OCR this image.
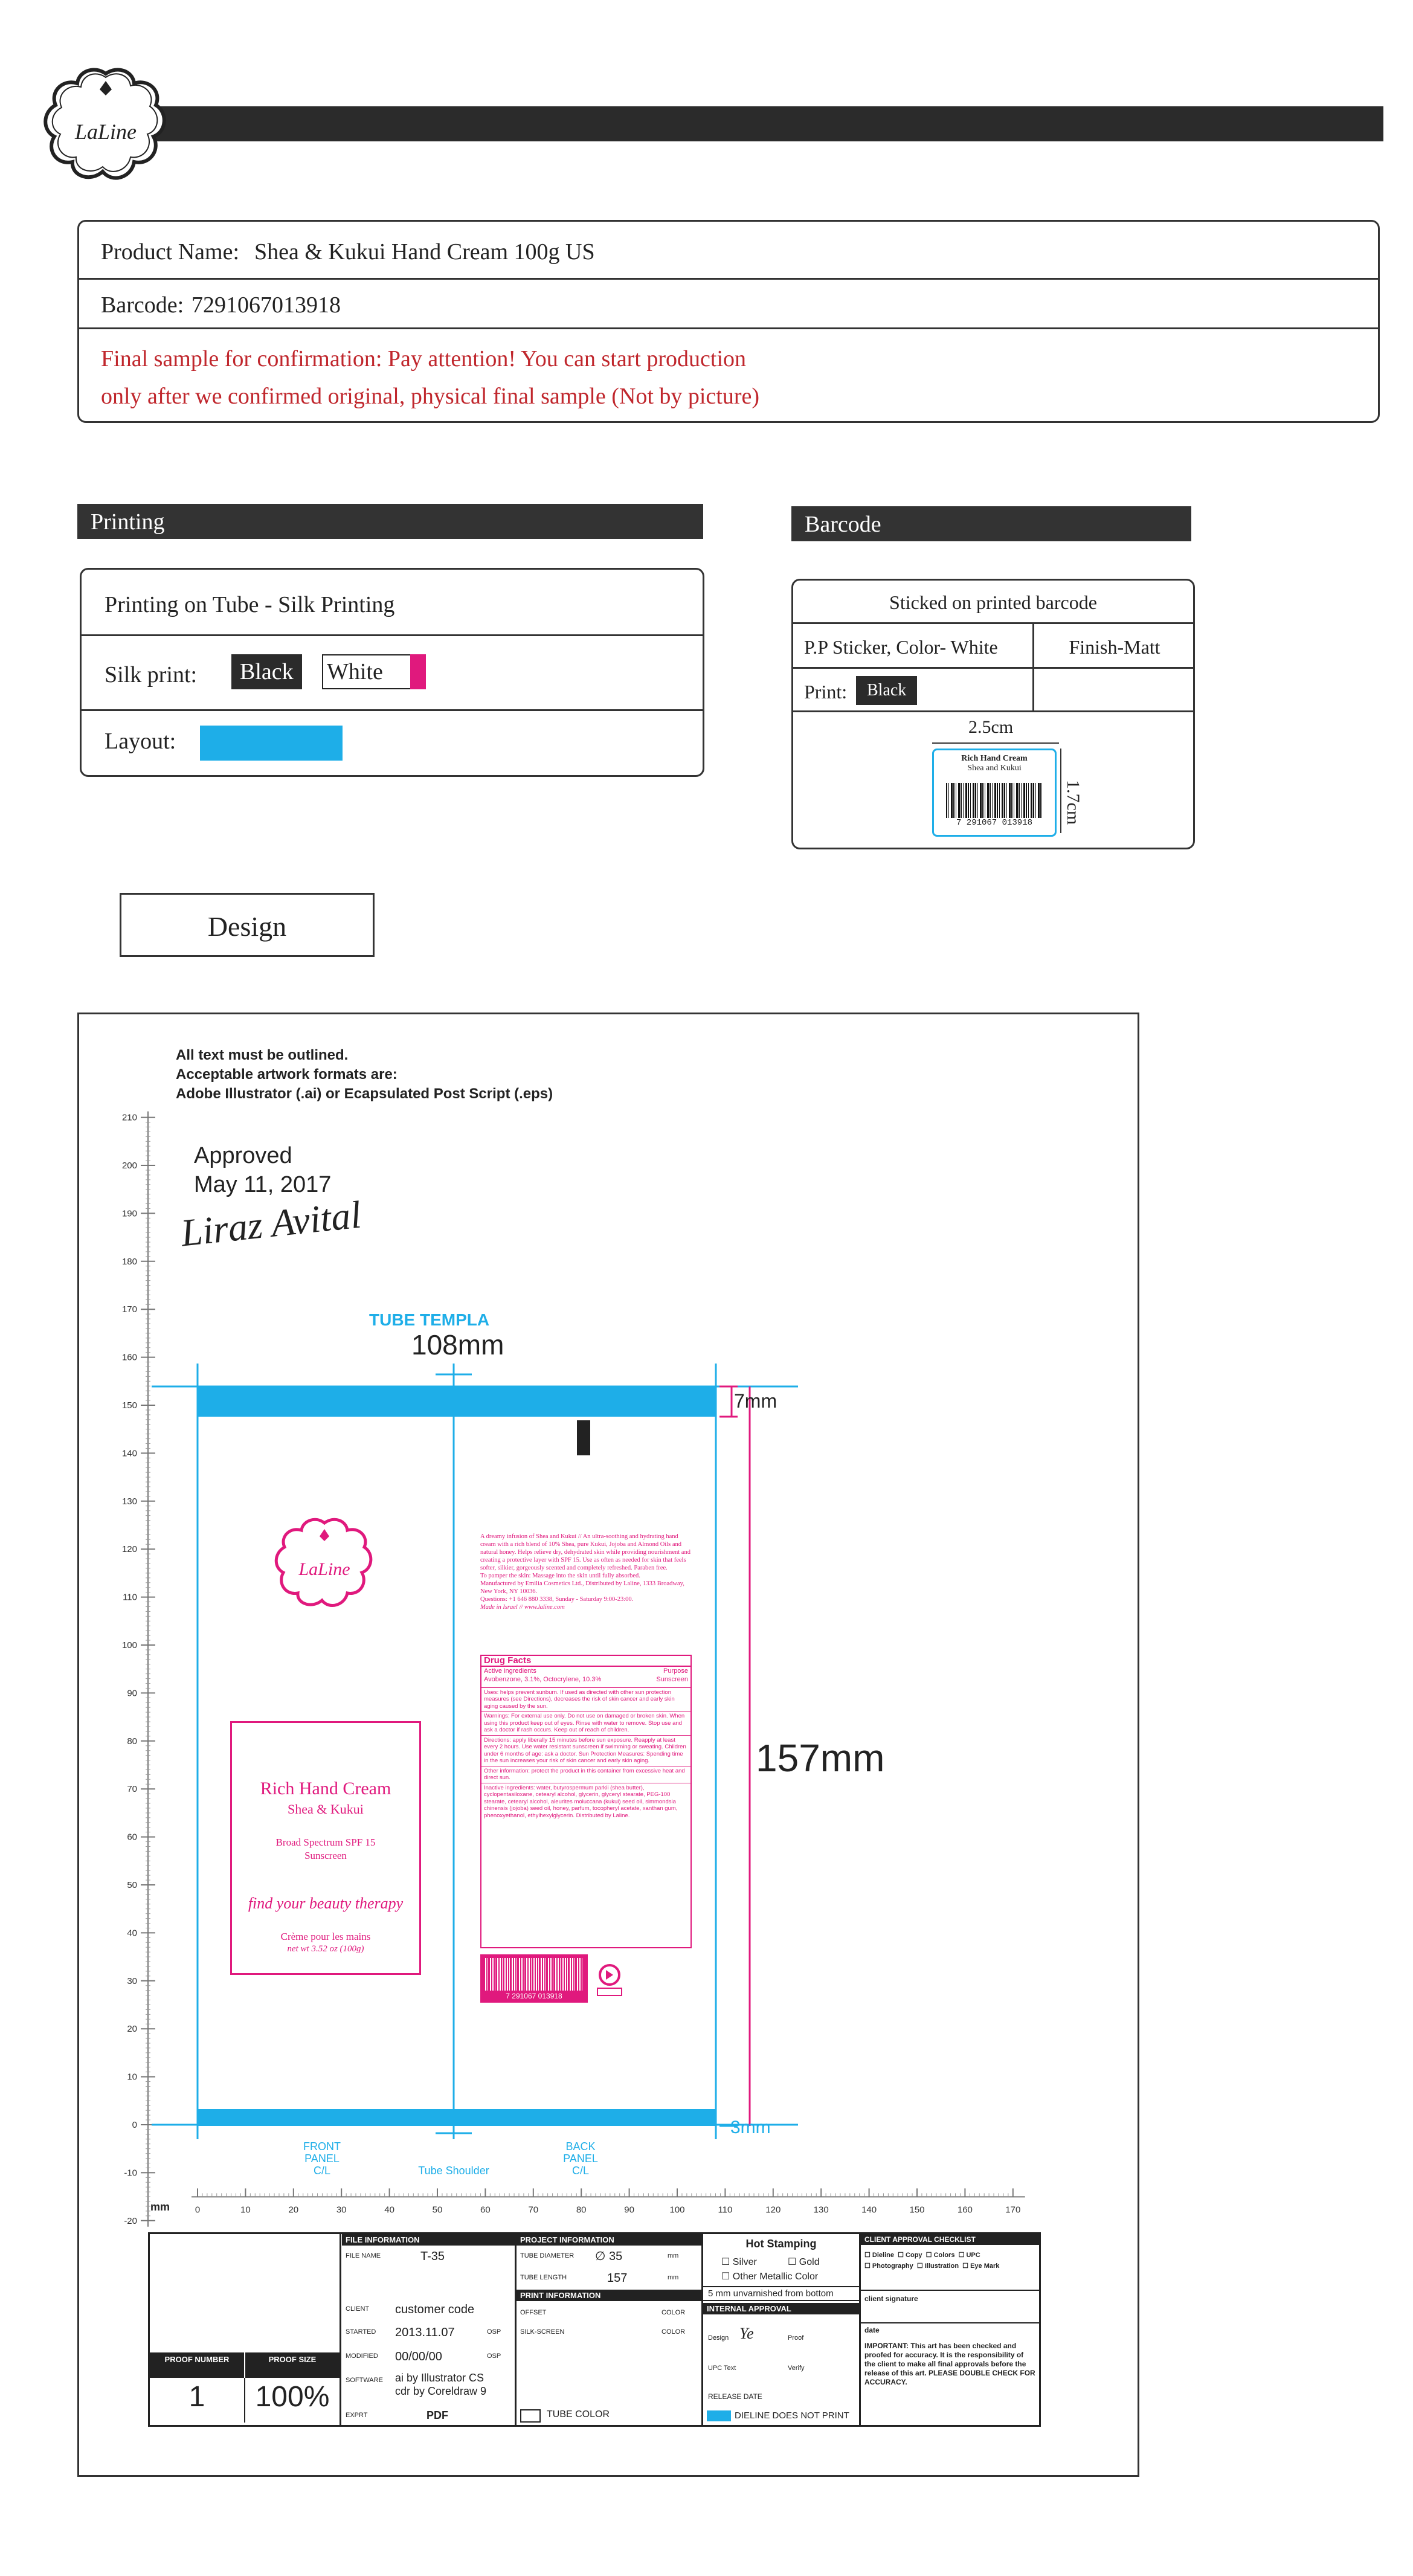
LaLine
Product Name: Shea & Kukui Hand Cream 100g US
Barcode: 7291067013918
Final sample for confirmation: Pay attention! You can start production
only after we confirmed original, physical final sample (Not by picture)
Printing
Printing on Tube - Silk Printing
Silk print:	Black	White
Layout:
Barcode
Sticked on printed barcode
P.P Sticker, Color- White	Finish-Matt
Print:	Black
2.5cm
Rich Hand Cream
Shea and Kukui
7 291067 013918	1.7cm
Design
All text must be outlined.
Acceptable artwork formats are:
Adobe Illustrator (.ai) or Ecapsulated Post Script (.eps)
Approved
May 11, 2017
Liraz Avital
210
200
190
180
170
160
150
140
130
120
110
100
90
80
70
60
50
40
30
20
10
0
-10
-20
0	10	20	30	40	50	60	70	80	90	100	110	120	130	140	150	160	170
TUBE TEMPLA
108mm
7mm
157mm
3mm
FRONT
PANEL
C/L	Tube Shoulder
BACK
PANEL
C/L
mm
LaLine
Rich Hand Cream
Shea & Kukui
Broad Spectrum SPF 15
Sunscreen
find your beauty therapy
Crème pour les mains
net wt 3.52 oz (100g)
A dreamy infusion of Shea and Kukui // An ultra-soothing and hydrating hand cream with a rich blend of 10% Shea, pure Kukui, Jojoba and Almond Oils and natural honey. Helps relieve dry, dehydrated skin while providing nourishment and creating a protective layer with SPF 15. Use as often as needed for skin that feels softer, silkier, gorgeously scented and completely refreshed. Paraben free.
To pamper the skin: Massage into the skin until fully absorbed.
Manufactured by Emilia Cosmetics Ltd., Distributed by Laline, 1333 Broadway, New York, NY 10036.
Questions: +1 646 880 3338, Sunday - Saturday 9:00-23:00.
Made in Israel // www.laline.com
Drug Facts
Active ingredients	Purpose
Avobenzone, 3.1%, Octocrylene, 10.3%	Sunscreen
Uses: helps prevent sunburn. If used as directed with other sun protection measures (see Directions), decreases the risk of skin cancer and early skin aging caused by the sun.
Warnings: For external use only. Do not use on damaged or broken skin. When using this product keep out of eyes. Rinse with water to remove. Stop use and ask a doctor if rash occurs. Keep out of reach of children.
Directions: apply liberally 15 minutes before sun exposure. Reapply at least every 2 hours. Use water resistant sunscreen if swimming or sweating. Children under 6 months of age: ask a doctor. Sun Protection Measures: Spending time in the sun increases your risk of skin cancer and early skin aging.
Other information: protect the product in this container from excessive heat and direct sun.
Inactive ingredients: water, butyrospermum parkii (shea butter), cyclopentasiloxane, cetearyl alcohol, glycerin, glyceryl stearate, PEG-100 stearate, cetearyl alcohol, aleurites moluccana (kukui) seed oil, simmondsia chinensis (jojoba) seed oil, honey, parfum, tocopheryl acetate, xanthan gum, phenoxyethanol, ethylhexylglycerin. Distributed by Laline.
7 291067 013918
PROOF NUMBER	PROOF SIZE
1	100%
FILE INFORMATION
FILE NAME	T-35
CLIENT customer code
STARTED 2013.11.07	OSP
MODIFIED 00/00/00	OSP
SOFTWARE ai by Illustrator CS
cdr by Coreldraw 9
EXPRT	PDF
PROJECT INFORMATION
TUBE DIAMETER ∅ 35	mm
TUBE LENGTH	157	mm
PRINT INFORMATION
OFFSET	COLOR
SILK-SCREEN	COLOR
TUBE COLOR
Hot Stamping
☐ Silver	☐ Gold
☐ Other Metallic Color
5 mm unvarnished from bottom
INTERNAL APPROVAL
Design Ye	Proof
UPC Text	Verify
RELEASE DATE
DIELINE DOES NOT PRINT
CLIENT APPROVAL CHECKLIST
☐ Dieline ☐ Copy ☐ Colors ☐ UPC
☐ Photography ☐ Illustration ☐ Eye Mark
client signature
date
IMPORTANT: This art has been checked and proofed for accuracy. It is the responsibility of the client to make all final approvals before the release of this art. PLEASE DOUBLE CHECK FOR ACCURACY.
